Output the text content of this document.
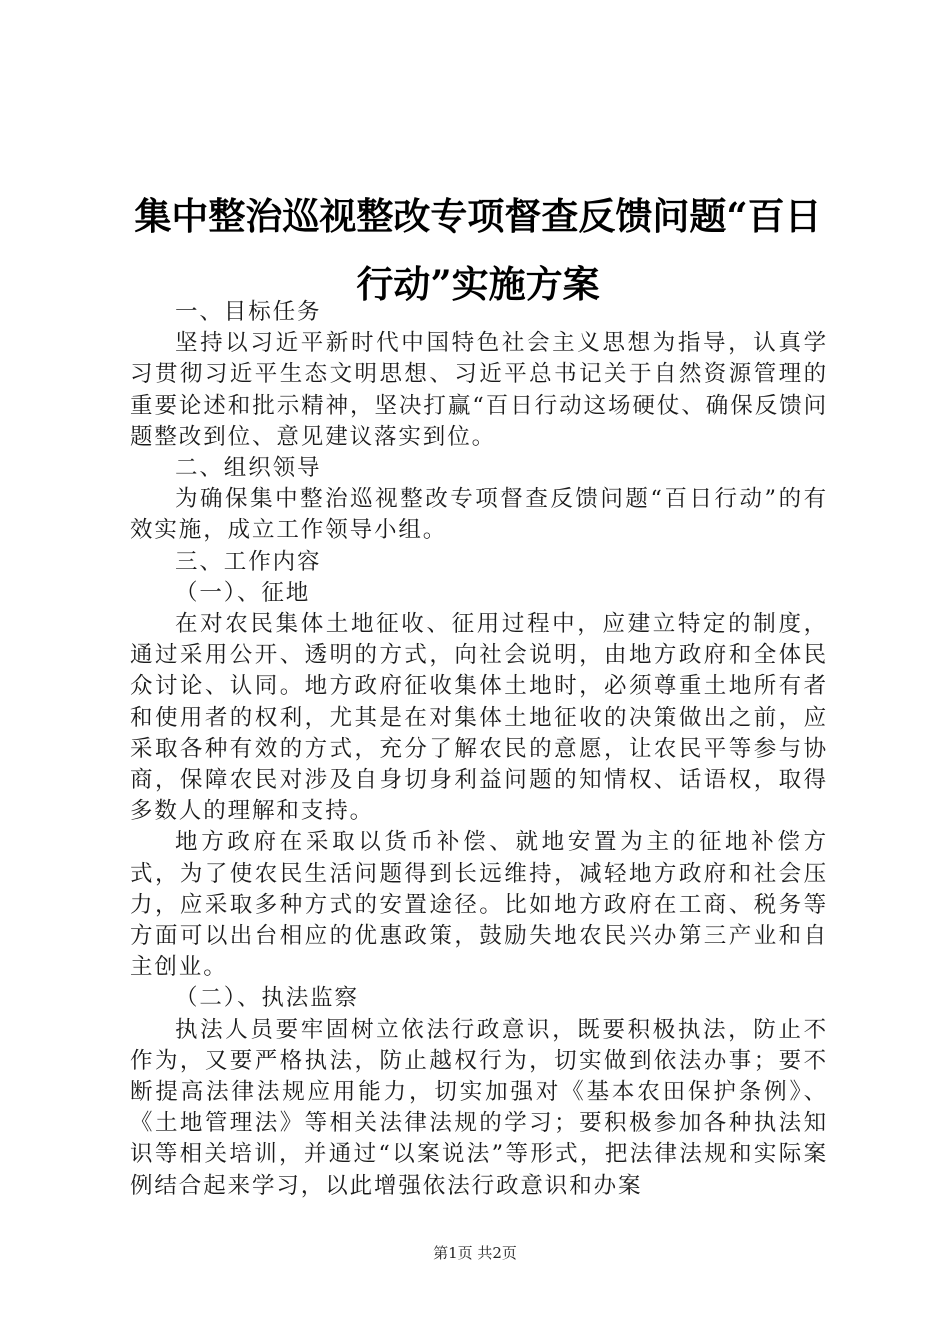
集中整治巡视整改专项督查反馈问题“百日行动”实施方案

一、目标任务

坚持以习近平新时代中国特色社会主义思想为指导，认真学习贯彻习近平生态文明思想、习近平总书记关于自然资源管理的重要论述和批示精神，坚决打赢“百日行动这场硬仗、确保反馈问题整改到位、意见建议落实到位。

二、组织领导

为确保集中整治巡视整改专项督查反馈问题“百日行动”的有效实施，成立工作领导小组。

三、工作内容

（一）、征地

在对农民集体土地征收、征用过程中，应建立特定的制度，通过采用公开、透明的方式，向社会说明，由地方政府和全体民众讨论、认同。地方政府征收集体土地时，必须尊重土地所有者和使用者的权利，尤其是在对集体土地征收的决策做出之前，应采取各种有效的方式，充分了解农民的意愿，让农民平等参与协商，保障农民对涉及自身切身利益问题的知情权、话语权，取得多数人的理解和支持。

地方政府在采取以货币补偿、就地安置为主的征地补偿方式，为了使农民生活问题得到长远维持，减轻地方政府和社会压力，应采取多种方式的安置途径。比如地方政府在工商、税务等方面可以出台相应的优惠政策，鼓励失地农民兴办第三产业和自主创业。

（二）、执法监察

执法人员要牢固树立依法行政意识，既要积极执法，防止不作为，又要严格执法，防止越权行为，切实做到依法办事；要不断提高法律法规应用能力，切实加强对《基本农田保护条例》、《土地管理法》等相关法律法规的学习；要积极参加各种执法知识等相关培训，并通过“以案说法”等形式，把法律法规和实际案例结合起来学习，以此增强依法行政意识和办案

第1页 共2页
